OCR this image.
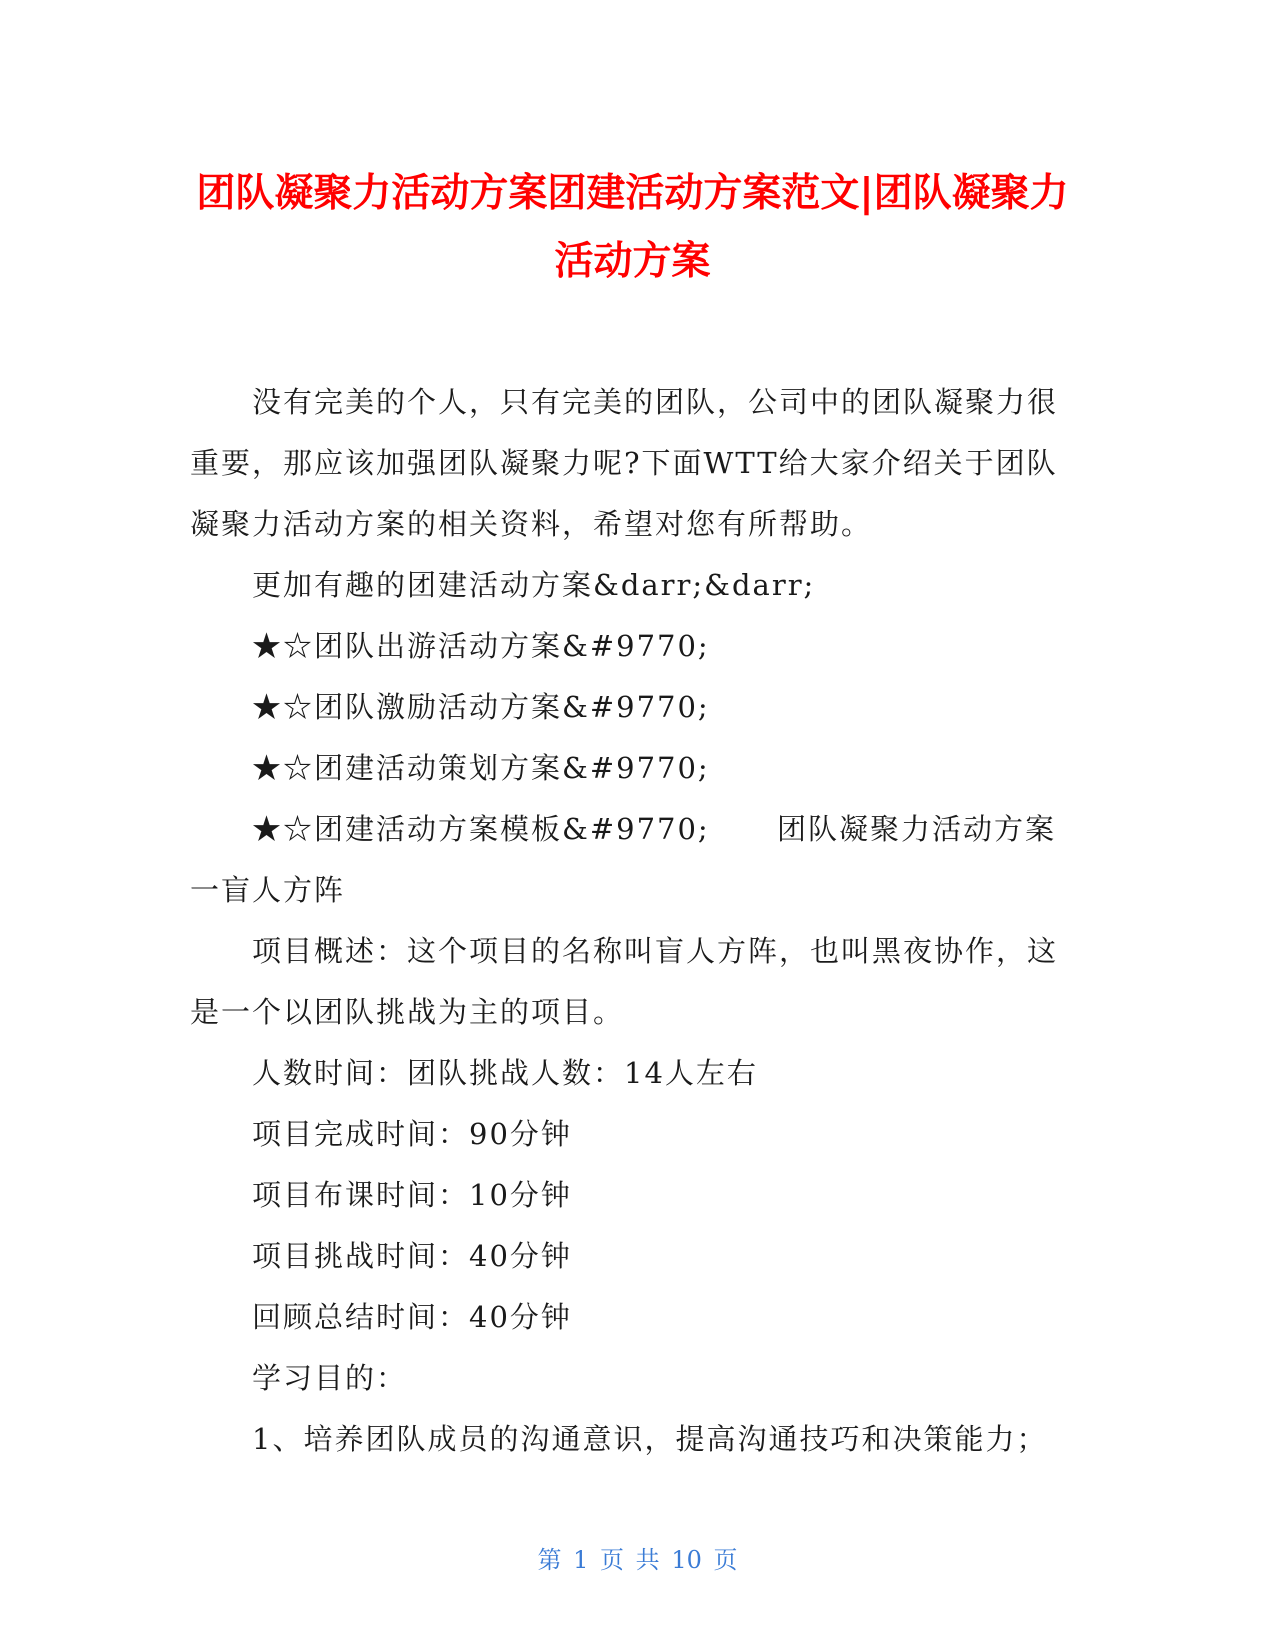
团队凝聚力活动方案团建活动方案范文|团队凝聚力活动方案

没有完美的个人，只有完美的团队，公司中的团队凝聚力很重要，那应该加强团队凝聚力呢?下面WTT给大家介绍关于团队凝聚力活动方案的相关资料，希望对您有所帮助。

更加有趣的团建活动方案&darr;&darr;

★☆团队出游活动方案&#9770;

★☆团队激励活动方案&#9770;

★☆团建活动策划方案&#9770;

★☆团建活动方案模板&#9770;      团队凝聚力活动方案一盲人方阵

项目概述：这个项目的名称叫盲人方阵，也叫黑夜协作，这是一个以团队挑战为主的项目。

人数时间：团队挑战人数：14人左右

项目完成时间：90分钟

项目布课时间：10分钟

项目挑战时间：40分钟

回顾总结时间：40分钟

学习目的：

1、培养团队成员的沟通意识，提高沟通技巧和决策能力；

第 1 页 共 10 页
